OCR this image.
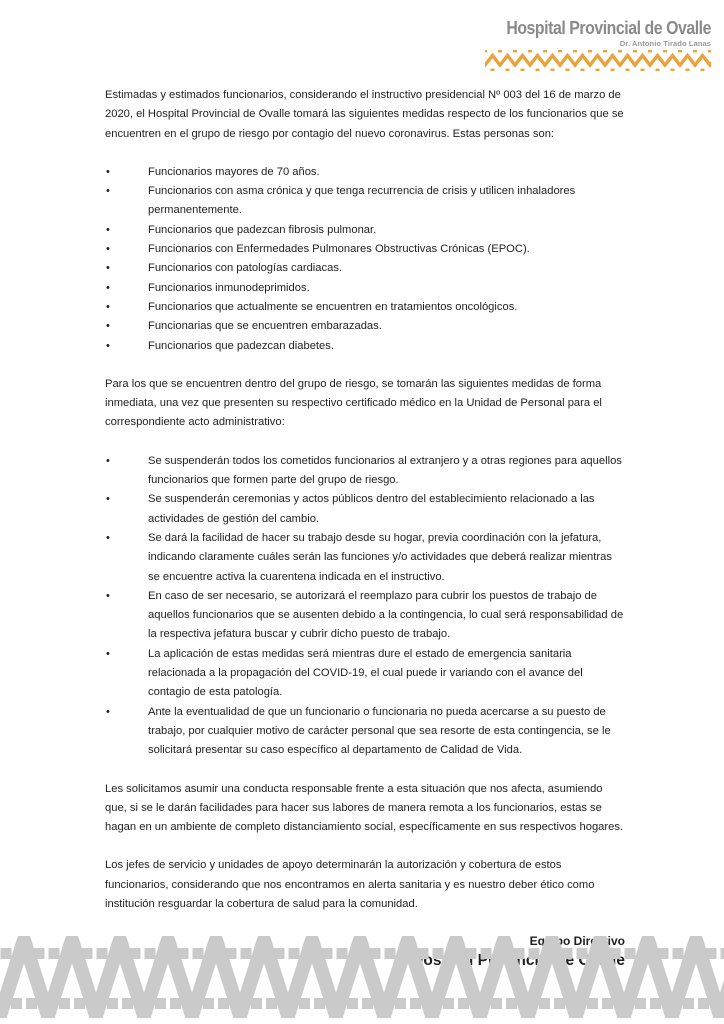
Hospital Provincial de Ovalle
Dr. Antonio Tirado Lanas

Estimadas y estimados funcionarios, considerando el instructivo presidencial Nº 003 del 16 de marzo de 2020, el Hospital Provincial de Ovalle tomará las siguientes medidas respecto de los funcionarios que se encuentren en el grupo de riesgo por contagio del nuevo coronavirus. Estas personas son:

•	Funcionarios mayores de 70 años.
•	Funcionarios con asma crónica y que tenga recurrencia de crisis y utilicen inhaladores permanentemente.
•	Funcionarios que padezcan fibrosis pulmonar.
•	Funcionarios con Enfermedades Pulmonares Obstructivas Crónicas (EPOC).
•	Funcionarios con patologías cardiacas.
•	Funcionarios inmunodeprimidos.
•	Funcionarios que actualmente se encuentren en tratamientos oncológicos.
•	Funcionarias que se encuentren embarazadas.
•	Funcionarios que padezcan diabetes.

Para los que se encuentren dentro del grupo de riesgo, se tomarán las siguientes medidas de forma inmediata, una vez que presenten su respectivo certificado médico en la Unidad de Personal para el correspondiente acto administrativo:

•	Se suspenderán todos los cometidos funcionarios al extranjero y a otras regiones para aquellos funcionarios que formen parte del grupo de riesgo.
•	Se suspenderán ceremonias y actos públicos dentro del establecimiento relacionado a las actividades de gestión del cambio.
•	Se dará la facilidad de hacer su trabajo desde su hogar, previa coordinación con la jefatura, indicando claramente cuáles serán las funciones y/o actividades que deberá realizar mientras se encuentre activa la cuarentena indicada en el instructivo.
•	En caso de ser necesario, se autorizará el reemplazo para cubrir los puestos de trabajo de aquellos funcionarios que se ausenten debido a la contingencia, lo cual será responsabilidad de la respectiva jefatura buscar y cubrir dicho puesto de trabajo.
•	La aplicación de estas medidas será mientras dure el estado de emergencia sanitaria relacionada a la propagación del COVID-19, el cual puede ir variando con el avance del contagio de esta patología.
•	Ante la eventualidad de que un funcionario o funcionaria no pueda acercarse a su puesto de trabajo, por cualquier motivo de carácter personal que sea resorte de esta contingencia, se le solicitará presentar su caso específico al departamento de Calidad de Vida.

Les solicitamos asumir una conducta responsable frente a esta situación que nos afecta, asumiendo que, si se le darán facilidades para hacer sus labores de manera remota a los funcionarios, estas se hagan en un ambiente de completo distanciamiento social, específicamente en sus respectivos hogares.

Los jefes de servicio y unidades de apoyo determinarán la autorización y cobertura de estos funcionarios, considerando que nos encontramos en alerta sanitaria y es nuestro deber ético como institución resguardar la cobertura de salud para la comunidad.
